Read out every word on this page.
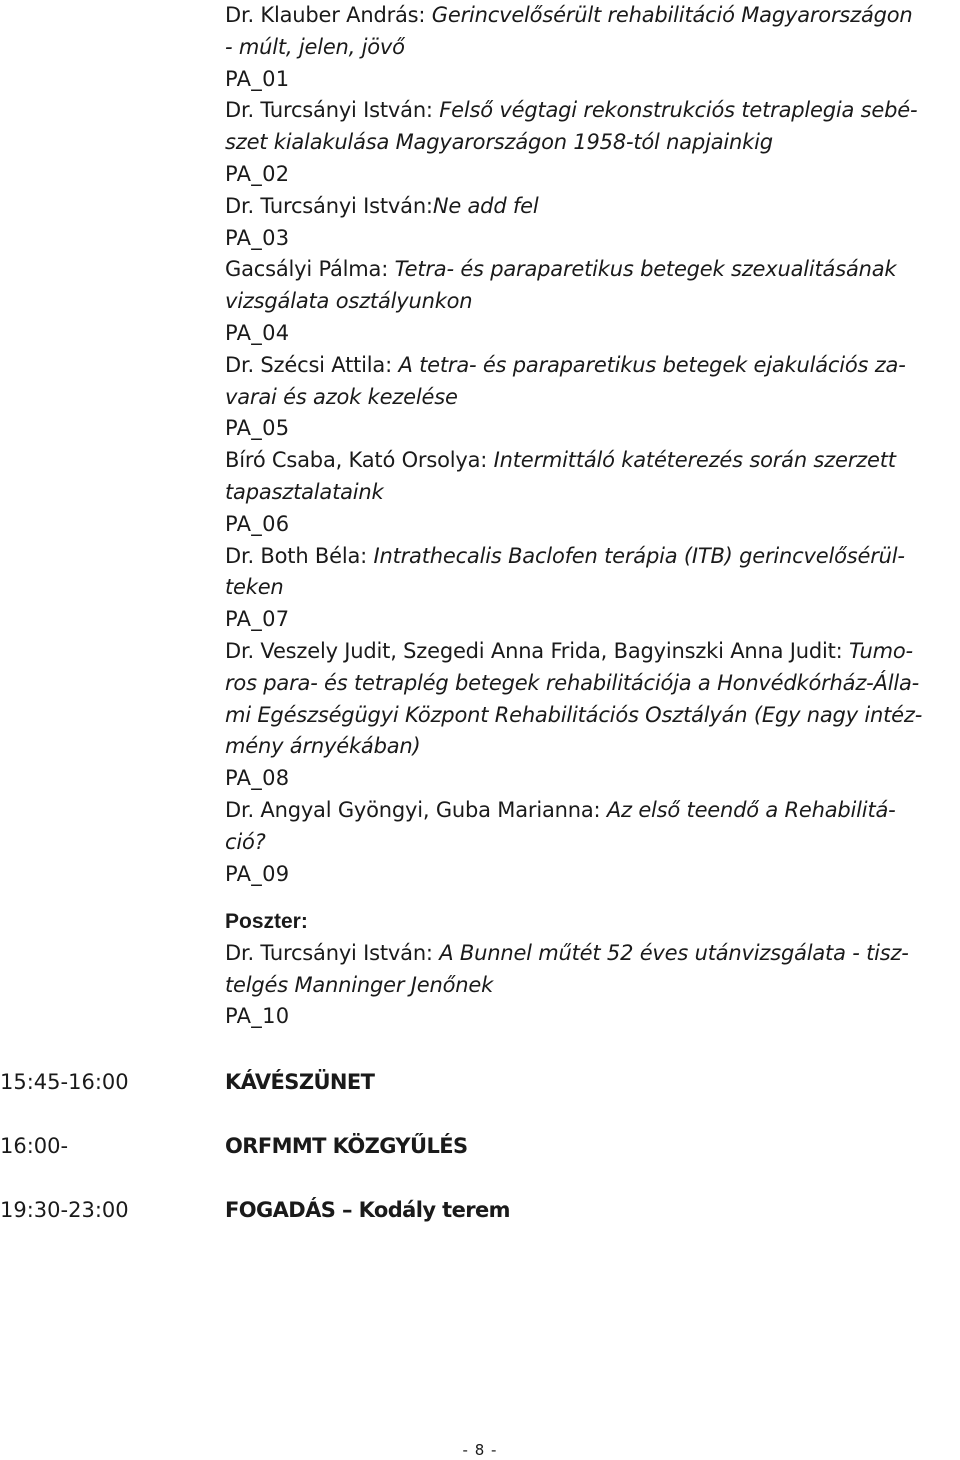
Dr. Klauber András: Gerincvelősérült rehabilitáció Magyarországon
- múlt, jelen, jövő
PA_01
Dr. Turcsányi István: Felső végtagi rekonstrukciós tetraplegia sebé-
szet kialakulása Magyarországon 1958-tól napjainkig
PA_02
Dr. Turcsányi István:Ne add fel
PA_03
Gacsályi Pálma: Tetra- és paraparetikus betegek szexualitásának
vizsgálata osztályunkon
PA_04
Dr. Szécsi Attila: A tetra- és paraparetikus betegek ejakulációs za-
varai és azok kezelése
PA_05
Bíró Csaba, Kató Orsolya: Intermittáló katéterezés során szerzett
tapasztalataink
PA_06
Dr. Both Béla: Intrathecalis Baclofen terápia (ITB) gerincvelősérül-
teken
PA_07
Dr. Veszely Judit, Szegedi Anna Frida, Bagyinszki Anna Judit: Tumo-
ros para- és tetraplég betegek rehabilitációja a Honvédkórház-Álla-
mi Egészségügyi Központ Rehabilitációs Osztályán (Egy nagy intéz-
mény árnyékában)
PA_08
Dr. Angyal Gyöngyi, Guba Marianna: Az első teendő a Rehabilitá-
ció?
PA_09
Poszter:
Dr. Turcsányi István: A Bunnel műtét 52 éves utánvizsgálata - tisz-
telgés Manninger Jenőnek
PA_10
15:45-16:00	KÁVÉSZÜNET
16:00-	ORFMMT KÖZGYŰLÉS
19:30-23:00	FOGADÁS – Kodály terem
- 8 -
